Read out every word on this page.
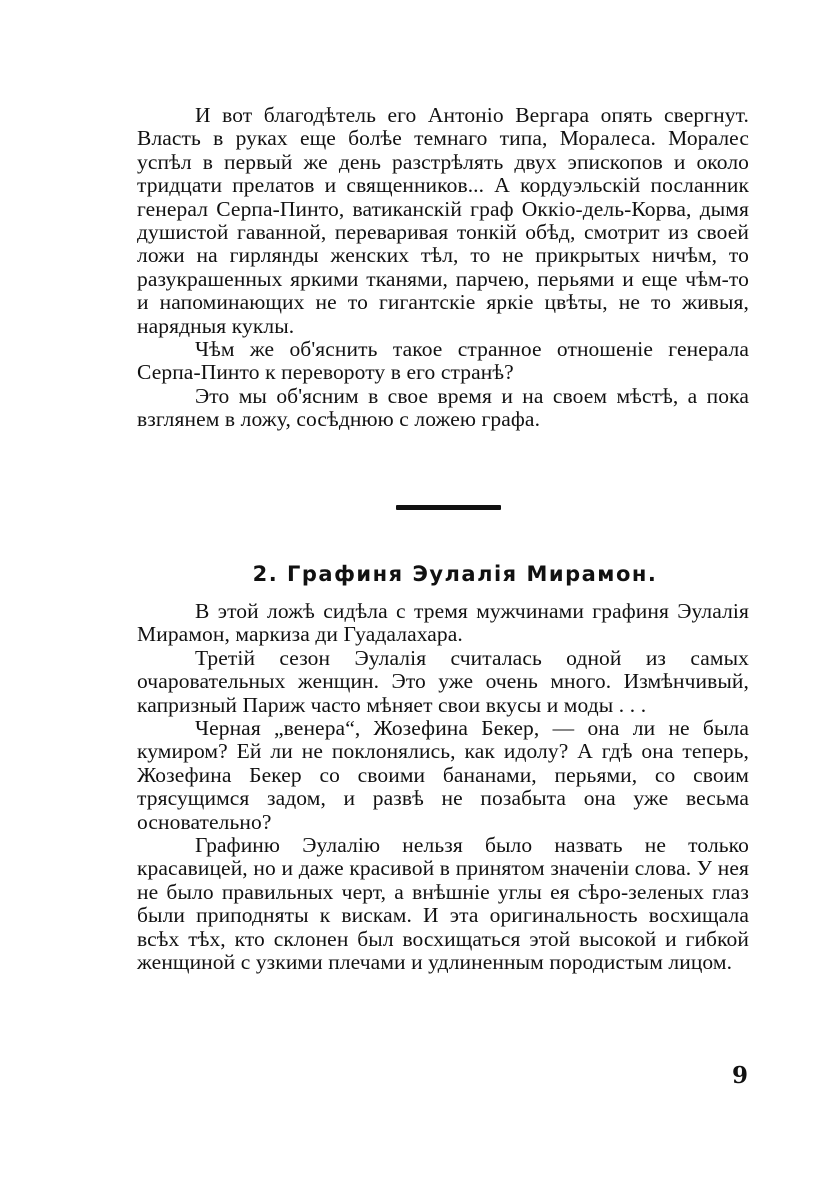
И вот благодѣтель его Антоніо Вергара опять свергнут. Власть в руках еще болѣе темнаго типа, Моралеса. Моралес успѣл в первый же день разстрѣлять двух эпископов и около тридцати прелатов и священников... А кордуэльскій посланник генерал Серпа-Пинто, ватиканскій граф Оккіо-дель-Корва, дымя душистой гаванной, переваривая тонкій обѣд, смотрит из своей ложи на гирлянды женских тѣл, то не прикрытых ничѣм, то разукрашенных яркими тканями, парчею, перьями и еще чѣм-то и напоминающих не то гигантскіе яркіе цвѣты, не то живыя, нарядныя куклы.

Чѣм же об'яснить такое странное отношеніе генерала Серпа-Пинто к перевороту в его странѣ?

Это мы об'ясним в свое время и на своем мѣстѣ, а пока взглянем в ложу, сосѣднюю с ложею графа.

2. Графиня Эулалія Мирамон.

В этой ложѣ сидѣла с тремя мужчинами графиня Эулалія Мирамон, маркиза ди Гуадалахара.

Третій сезон Эулалія считалась одной из самых очаровательных женщин. Это уже очень много. Измѣнчивый, капризный Париж часто мѣняет свои вкусы и моды . . .

Черная „венера“, Жозефина Бекер, — она ли не была кумиром? Ей ли не поклонялись, как идолу? А гдѣ она теперь, Жозефина Бекер со своими бананами, перьями, со своим трясущимся задом, и развѣ не позабыта она уже весьма основательно?

Графиню Эулалію нельзя было назвать не только красавицей, но и даже красивой в принятом значеніи слова. У нея не было правильных черт, а внѣшніе углы ея сѣро-зеленых глаз были приподняты к вискам. И эта оригинальность восхищала всѣх тѣх, кто склонен был восхищаться этой высокой и гибкой женщиной с узкими плечами и удлиненным породистым лицом.

9
